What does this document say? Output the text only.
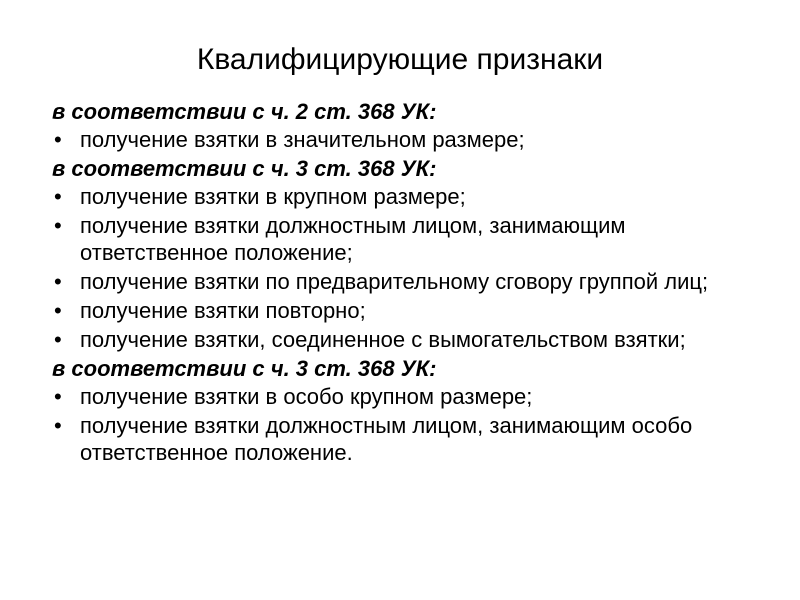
Квалифицирующие признаки

в соответствии с ч. 2 ст. 368 УК:

• получение взятки в значительном размере;

в соответствии с ч. 3 ст. 368 УК:

• получение взятки в крупном размере;
• получение взятки должностным лицом, занимающим ответственное положение;
• получение взятки по предварительному сговору группой лиц;
• получение взятки повторно;
• получение взятки, соединенное с вымогательством взятки;

в соответствии с ч. 3 ст. 368 УК:

• получение взятки в особо крупном размере;
• получение взятки должностным лицом, занимающим особо ответственное положение.
